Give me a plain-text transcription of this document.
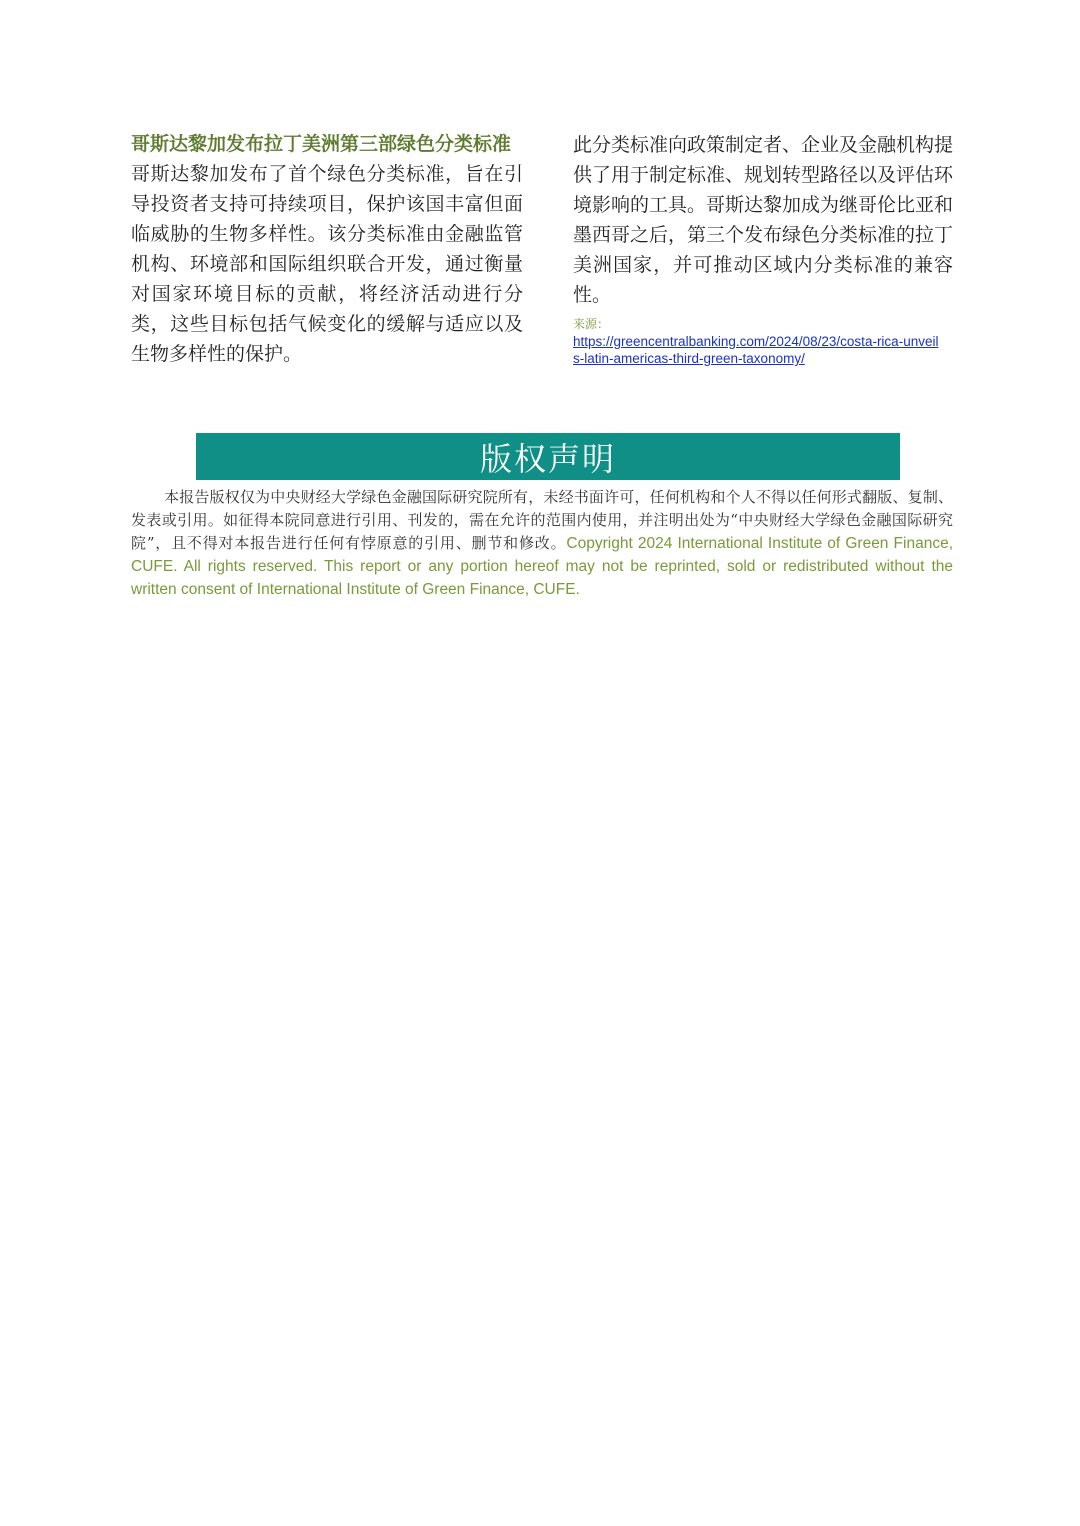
哥斯达黎加发布拉丁美洲第三部绿色分类标准

哥斯达黎加发布了首个绿色分类标准，旨在引导投资者支持可持续项目，保护该国丰富但面临威胁的生物多样性。该分类标准由金融监管机构、环境部和国际组织联合开发，通过衡量对国家环境目标的贡献，将经济活动进行分类，这些目标包括气候变化的缓解与适应以及生物多样性的保护。

此分类标准向政策制定者、企业及金融机构提供了用于制定标准、规划转型路径以及评估环境影响的工具。哥斯达黎加成为继哥伦比亚和墨西哥之后，第三个发布绿色分类标准的拉丁美洲国家，并可推动区域内分类标准的兼容性。

来源：
https://greencentralbanking.com/2024/08/23/costa-rica-unveils-latin-americas-third-green-taxonomy/
版权声明
本报告版权仅为中央财经大学绿色金融国际研究院所有，未经书面许可，任何机构和个人不得以任何形式翻版、复制、发表或引用。如征得本院同意进行引用、刊发的，需在允许的范围内使用，并注明出处为“中央财经大学绿色金融国际研究院”，且不得对本报告进行任何有悖原意的引用、删节和修改。Copyright 2024 International Institute of Green Finance, CUFE. All rights reserved. This report or any portion hereof may not be reprinted, sold or redistributed without the written consent of International Institute of Green Finance, CUFE.
